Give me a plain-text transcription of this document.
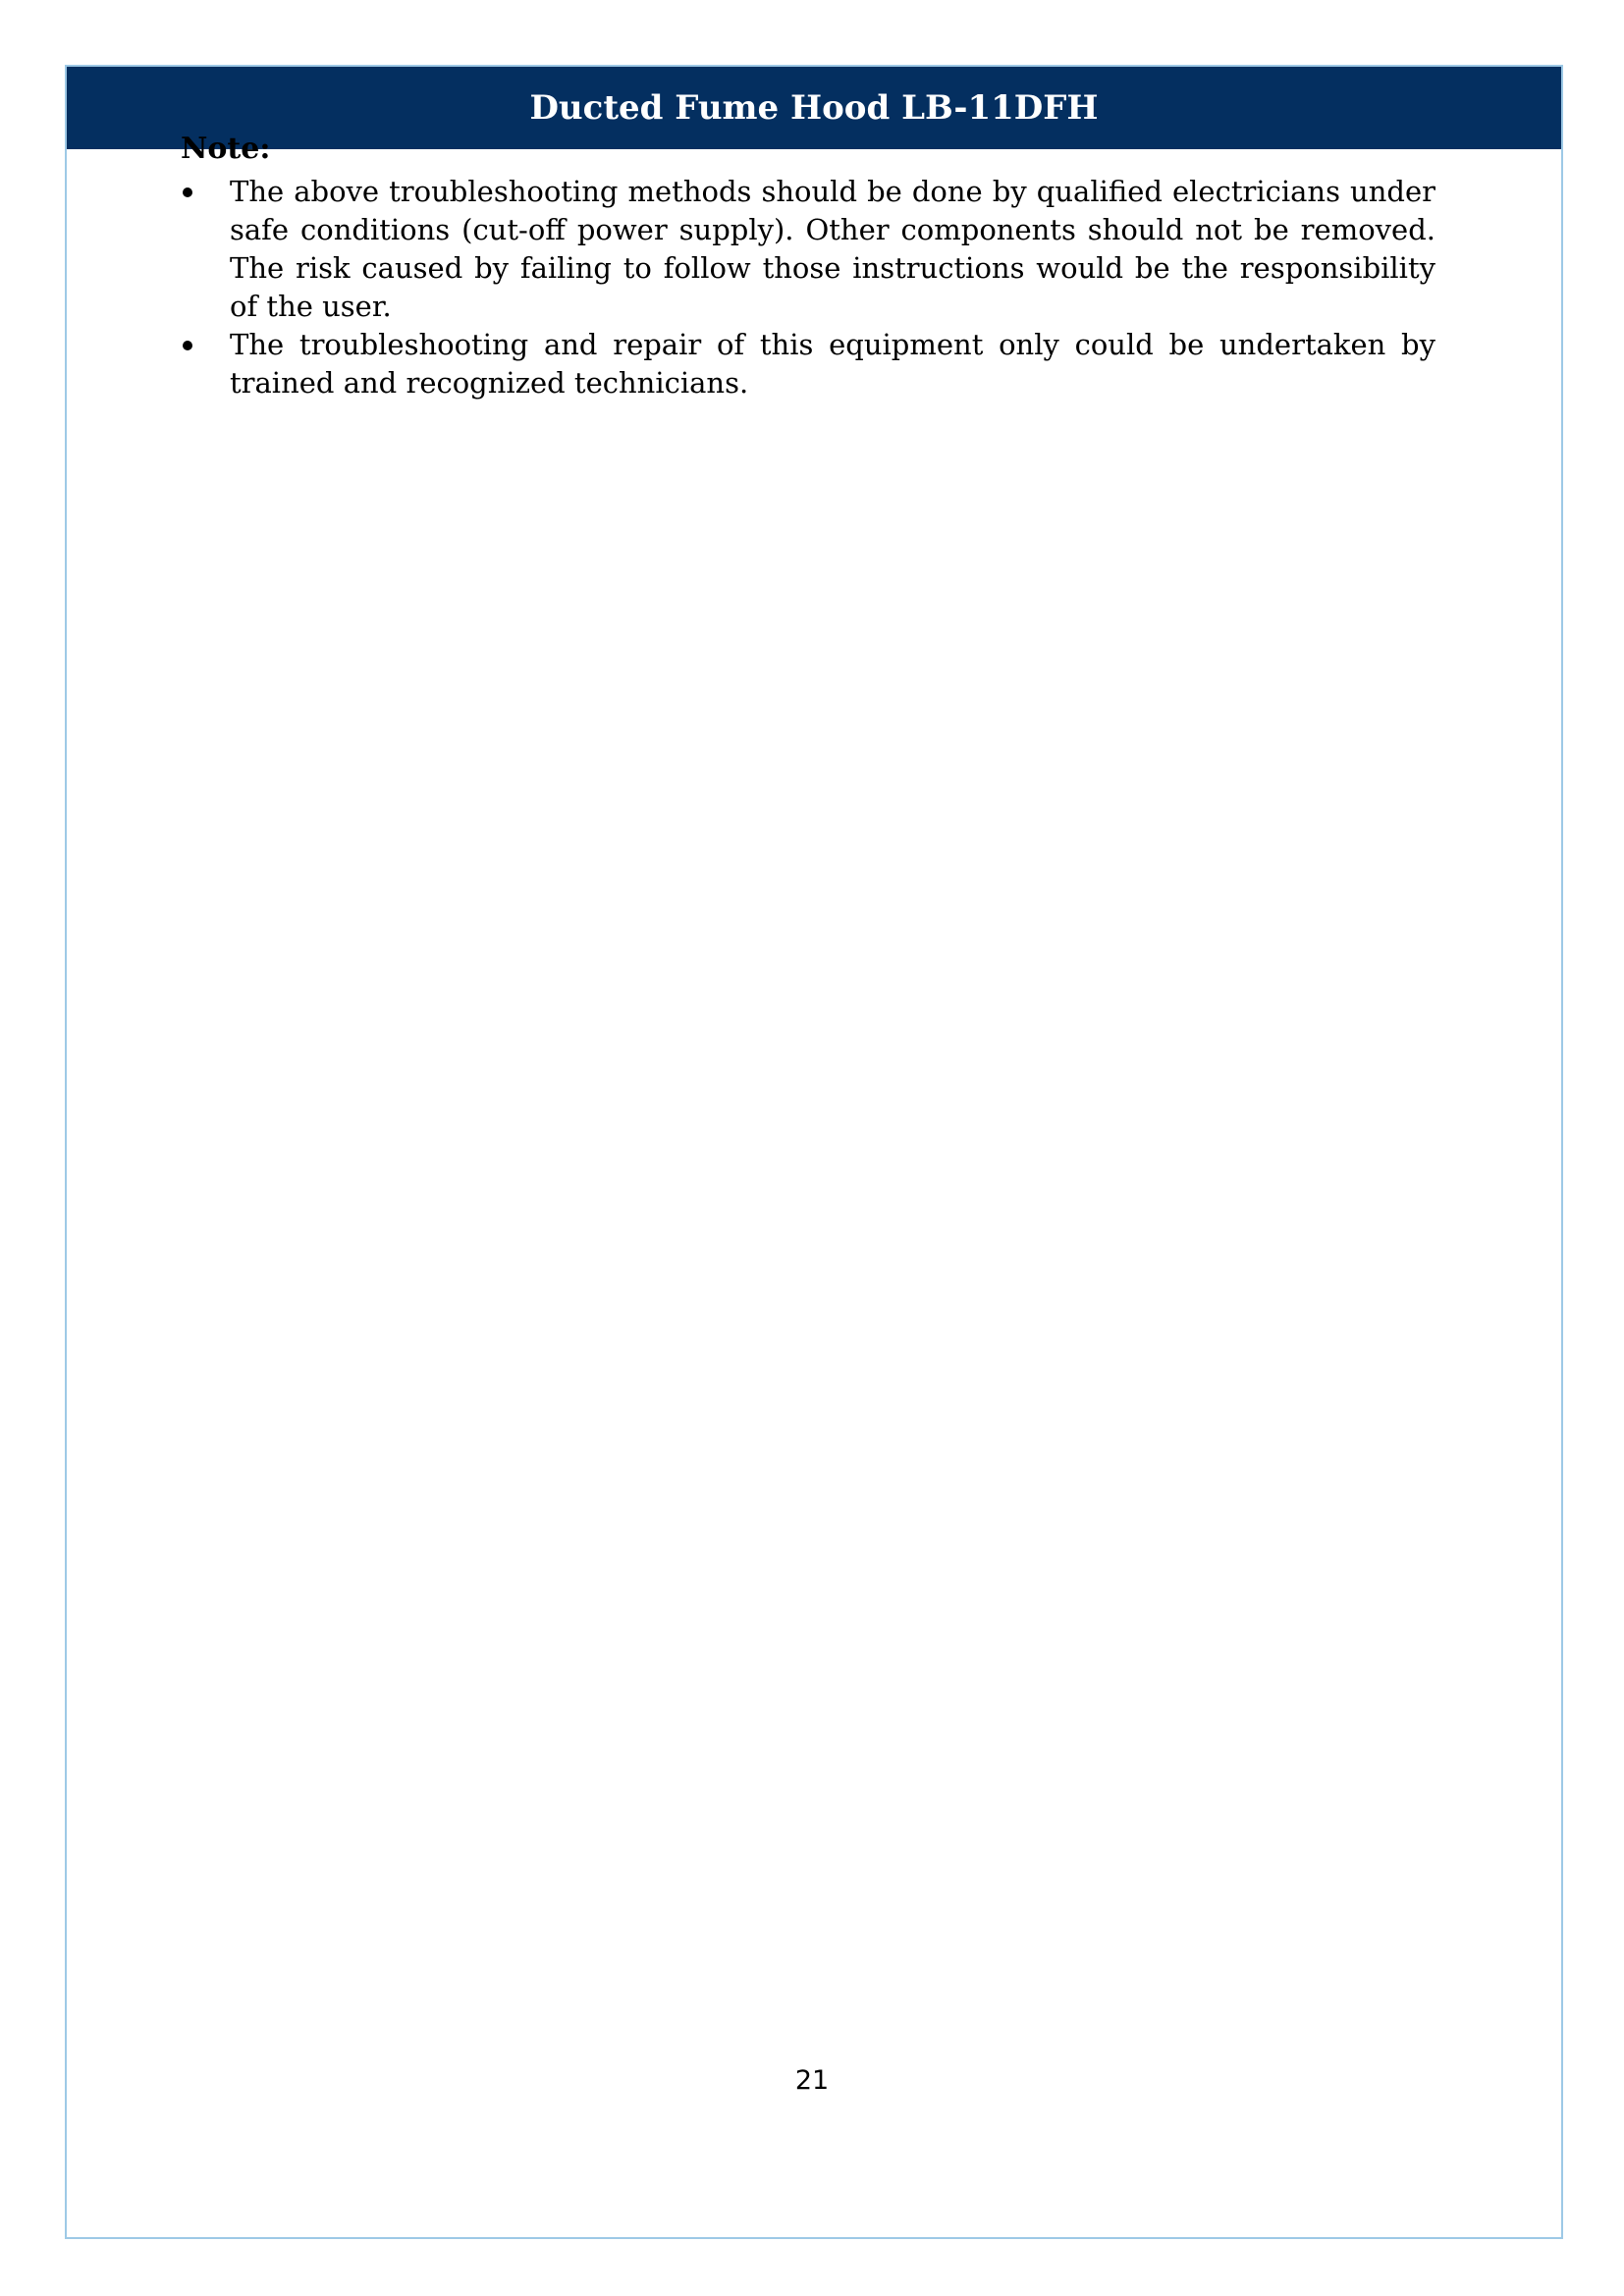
Ducted Fume Hood LB-11DFH
Note:
The above troubleshooting methods should be done by qualified electricians under safe conditions (cut-off power supply). Other components should not be removed. The risk caused by failing to follow those instructions would be the responsibility of the user.
The troubleshooting and repair of this equipment only could be undertaken by trained and recognized technicians.
21
